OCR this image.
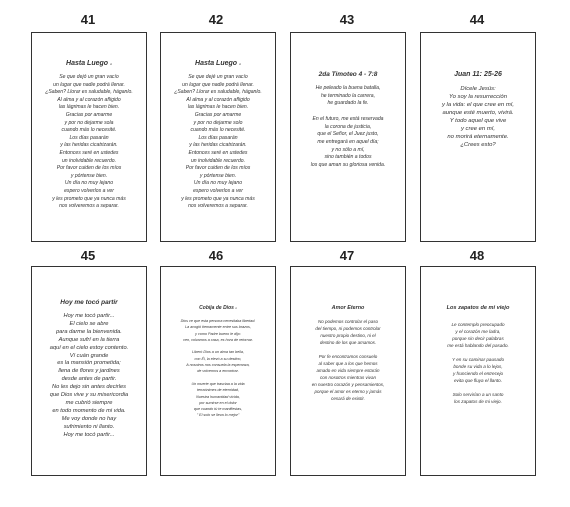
41	42	43	44
Hasta Luego ₂
Se que dejó un gran vacío
un lugar que nadie podrá llenar.
¿Saben? Llorar es saludable, háganlo.
Al alma y al corazón afligido
las lágrimas le hacen bien.
Gracias por amarme
y por no dejarme sola
cuando más lo necesité.
Los días pasarán
y las heridas cicatrizarán.
Entonces seré en ustedes
un inolvidable recuerdo.
Por favor cuiden de los míos
y pórtense bien.
Un día no muy lejano
espero volverlos a ver
y les prometo que ya nunca más
nos volveremos a separar.
Hasta Luego ₂
Se que dejé un gran vacío
un lugar que nadie podrá llenar.
¿Saben? Llorar es saludable, háganlo.
Al alma y al corazón afligido
las lágrimas le hacen bien.
Gracias por amarme
y por no dejarme solo
cuando más lo necesité.
Los días pasarán
y las heridas cicatrizarán.
Entonces seré en ustedes
un inolvidable recuerdo.
Por favor cuiden de los míos
y pórtense bien.
Un día no muy lejano
espero volverlos a ver
y les prometo que ya nunca más
nos volveremos a separar.
2da Timoteo 4 - 7:8
He peleado la buena batalla,
he terminado la carrera,
he guardado la fe.

En el futuro, me está reservada
la corona de justicia,
que el Señor, el Juez justo,
me entregará en aquel día;
y no sólo a mí,
sino también a todos
los que aman su gloriosa venida.
Juan 11: 25-26
Dícele Jesús:
Yo soy la resurrección
y la vida: el que cree en mí,
aunque esté muerto, vivirá.
Y todo aquel que vive
y cree en mí,
no morirá eternamente.
¿Crees esto?
45	46	47	48
Hoy me tocó partir
Hoy me tocó partir...
El cielo se abre
para darme la bienvenida.
Aunque sufrí en la tierra
aquí en el cielo estoy contento.
Ví cuán grande
es la mansión prometida;
llena de flores y jardines
desde antes de partir.
No les dejo sin antes decirles
que Dios vive y su misericordia
me cubrió siempre
en todo momento de mi vida.
Me voy donde no hay
sufrimiento ni llanto.
Hoy me tocó partir...
Cobija de Dios ₂
Dios ve que esta persona necesitaba libertad.
La acogió tiernamente entre sus brazos,
y como Padre bueno le dijo:
ven, volvamos a casa, es hora de retornar.

Liberó Dios a un alma tan bella,
con Él, la elevó a su destino,
A nosotros nos consuela la esperanza,
de volvernos a encontrar.

Un muerte que trasciaa a la vida
terraónimes de eternidad,
Nuestra humanidad vivida,
por sumirse en el dolor
que cuando tú te manifiestas,
" El solo se lleva lo mejor"
Amor Eterno
No podemos controlar el paso
del tiempo, ni podemos controlar
nuestro propio destino, ni el
destino de los que amamos.

Por fe encontramos consuelo
al saber que a los que hemos
amado en vida siempre estarán
con nosotros mientras vivan
en nuestro corazón y pensamientos,
porque el amor es eterno y jamás
cesará de existir.
Los zapatos de mi viejo
Le contemplo preocupado
y el corazón me ladra,
porque sin decir palabras
me está hablando del pasado.

Y en su caminar pausado
bonde su vida a lo lejos,
y frunciendo el entrecejo
evita que fluya el llanto.

Solo servirían a un santo
los zapatos de mi viejo.
